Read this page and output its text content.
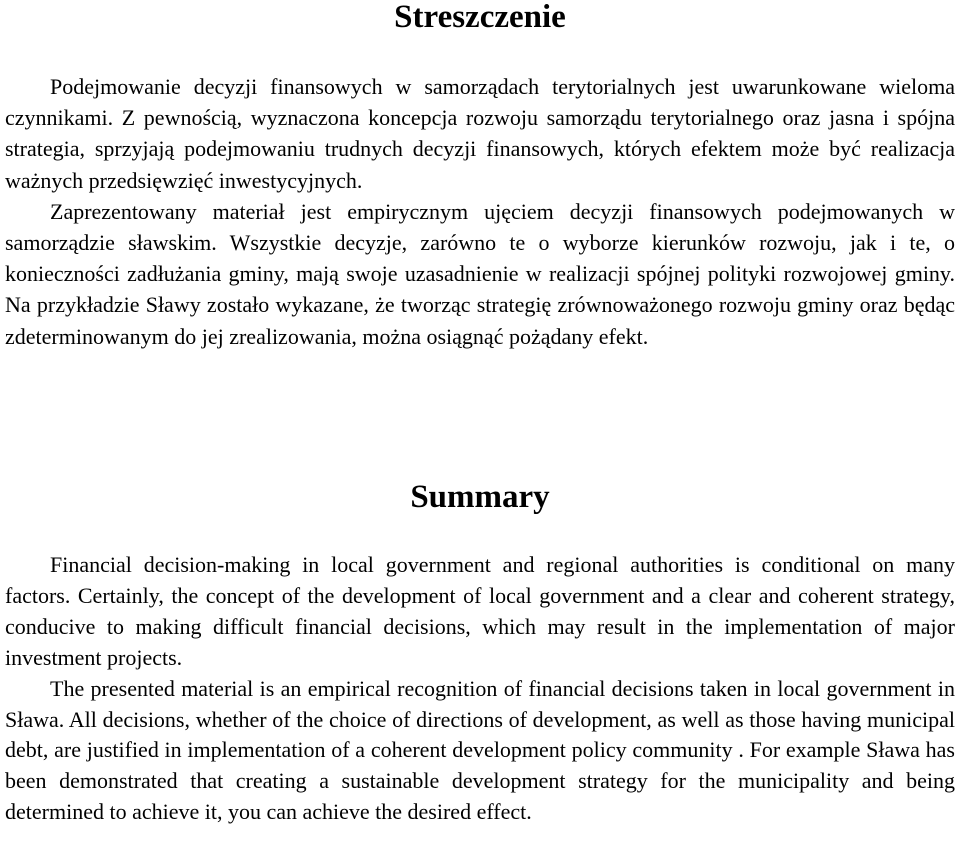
Streszczenie

Podejmowanie decyzji finansowych w samorządach terytorialnych jest uwarunkowane wieloma czynnikami. Z pewnością, wyznaczona koncepcja rozwoju samorządu terytorialnego oraz jasna i spójna strategia, sprzyjają podejmowaniu trudnych decyzji finansowych, których efektem może być realizacja ważnych przedsięwzięć inwestycyjnych.

Zaprezentowany materiał jest empirycznym ujęciem decyzji finansowych podejmowanych w samorządzie sławskim. Wszystkie decyzje, zarówno te o wyborze kierunków rozwoju, jak i te, o konieczności zadłużania gminy, mają swoje uzasadnienie w realizacji spójnej polityki rozwojowej gminy. Na przykładzie Sławy zostało wykazane, że tworząc strategię zrównoważonego rozwoju gminy oraz będąc zdeterminowanym do jej zrealizowania, można osiągnąć pożądany efekt.

Summary

Financial decision-making in local government and regional authorities is conditional on many factors. Certainly, the concept of the development of local government and a clear and coherent strategy, conducive to making difficult financial decisions, which may result in the implementation of major investment projects.

The presented material is an empirical recognition of financial decisions taken in local government in Sława. All decisions, whether of the choice of directions of development, as well as those having municipal debt, are justified in implementation of a coherent development policy community . For example Sława has been demonstrated that creating a sustainable development strategy for the municipality and being determined to achieve it, you can achieve the desired effect.
